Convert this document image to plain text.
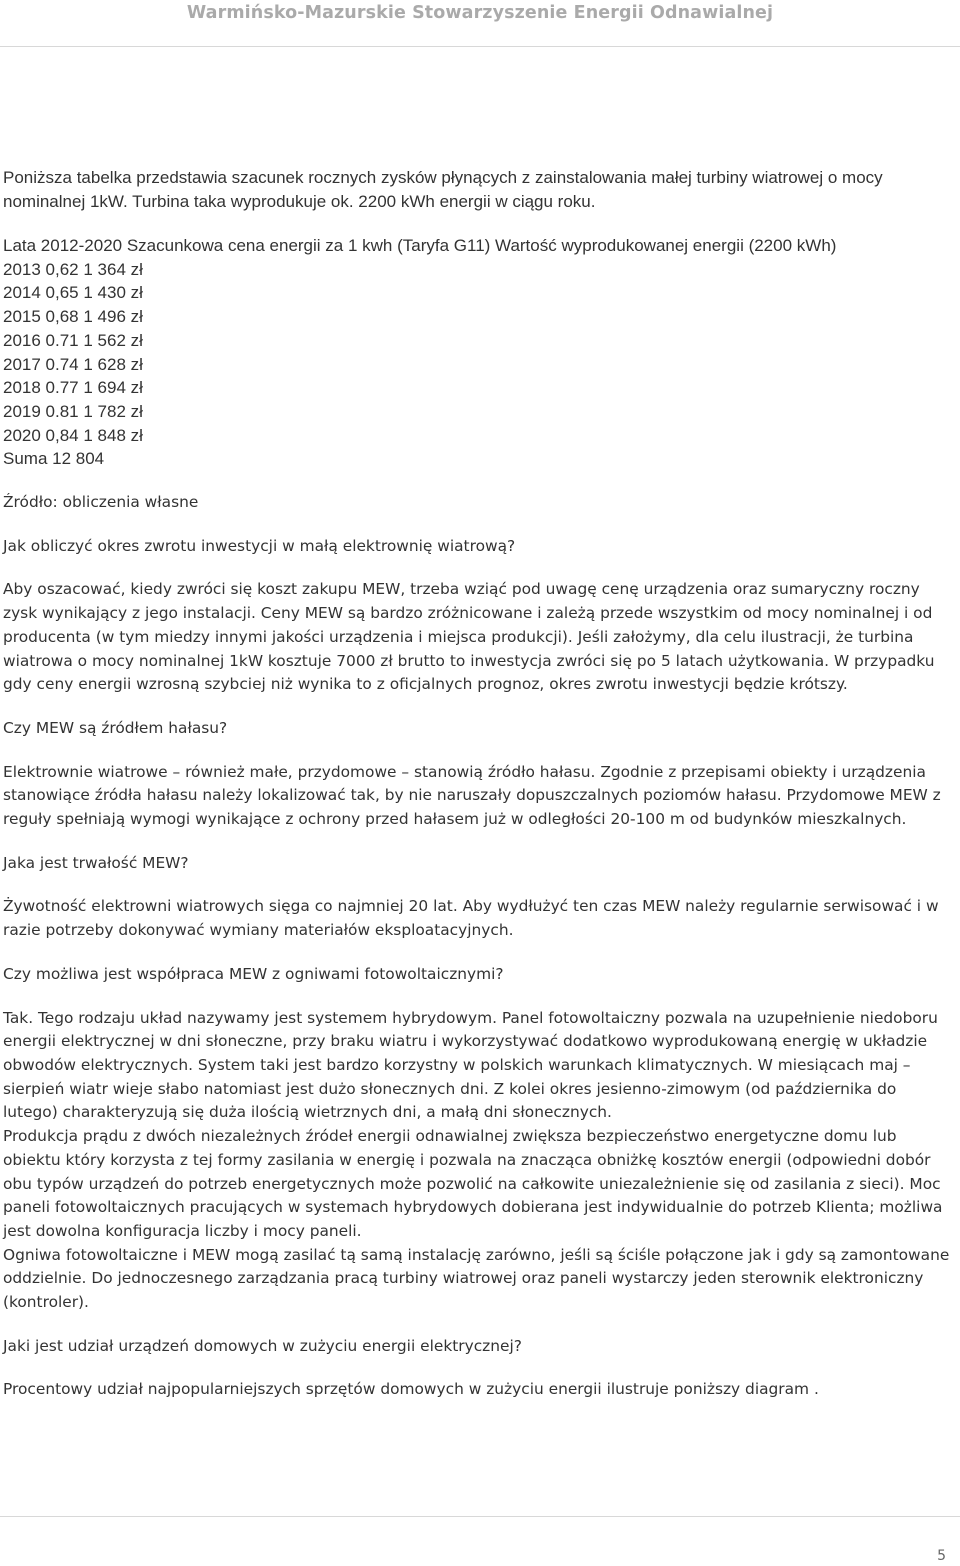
Warmińsko-Mazurskie Stowarzyszenie Energii Odnawialnej

Poniższa tabelka przedstawia szacunek rocznych zysków płynących z zainstalowania małej turbiny wiatrowej o mocy nominalnej 1kW. Turbina taka wyprodukuje ok. 2200 kWh energii w ciągu roku.

Lata 2012-2020 Szacunkowa cena energii za 1 kwh (Taryfa G11) Wartość wyprodukowanej energii (2200 kWh)
2013 0,62 1 364 zł
2014 0,65 1 430 zł
2015 0,68 1 496 zł
2016 0.71 1 562 zł
2017 0.74 1 628 zł
2018 0.77 1 694 zł
2019 0.81 1 782 zł
2020 0,84 1 848 zł
Suma 12 804

Źródło: obliczenia własne

Jak obliczyć okres zwrotu inwestycji w małą elektrownię wiatrową?

Aby oszacować, kiedy zwróci się koszt zakupu MEW, trzeba wziąć pod uwagę cenę urządzenia oraz sumaryczny roczny zysk wynikający z jego instalacji. Ceny MEW są bardzo zróżnicowane i zależą przede wszystkim od mocy nominalnej i od producenta (w tym miedzy innymi jakości urządzenia i miejsca produkcji). Jeśli założymy, dla celu ilustracji, że turbina wiatrowa o mocy nominalnej 1kW kosztuje 7000 zł brutto to inwestycja zwróci się po 5 latach użytkowania. W przypadku gdy ceny energii wzrosną szybciej niż wynika to z oficjalnych prognoz, okres zwrotu inwestycji będzie krótszy.

Czy MEW są źródłem hałasu?

Elektrownie wiatrowe – również małe, przydomowe – stanowią źródło hałasu. Zgodnie z przepisami obiekty i urządzenia stanowiące źródła hałasu należy lokalizować tak, by nie naruszały dopuszczalnych poziomów hałasu. Przydomowe MEW z reguły spełniają wymogi wynikające z ochrony przed hałasem już w odległości 20-100 m od budynków mieszkalnych.

Jaka jest trwałość MEW?

Żywotność elektrowni wiatrowych sięga co najmniej 20 lat. Aby wydłużyć ten czas MEW należy regularnie serwisować i w razie potrzeby dokonywać wymiany materiałów eksploatacyjnych.

Czy możliwa jest współpraca MEW z ogniwami fotowoltaicznymi?

Tak. Tego rodzaju układ nazywamy jest systemem hybrydowym. Panel fotowoltaiczny pozwala na uzupełnienie niedoboru energii elektrycznej w dni słoneczne, przy braku wiatru i wykorzystywać dodatkowo wyprodukowaną energię w układzie obwodów elektrycznych. System taki jest bardzo korzystny w polskich warunkach klimatycznych. W miesiącach maj – sierpień wiatr wieje słabo natomiast jest dużo słonecznych dni. Z kolei okres jesienno-zimowym (od października do lutego) charakteryzują się duża ilością wietrznych dni, a małą dni słonecznych.

Produkcja prądu z dwóch niezależnych źródeł energii odnawialnej zwiększa bezpieczeństwo energetyczne domu lub obiektu który korzysta z tej formy zasilania w energię i pozwala na znacząca obniżkę kosztów energii (odpowiedni dobór obu typów urządzeń do potrzeb energetycznych może pozwolić na całkowite uniezależnienie się od zasilania z sieci). Moc paneli fotowoltaicznych pracujących w systemach hybrydowych dobierana jest indywidualnie do potrzeb Klienta; możliwa jest dowolna konfiguracja liczby i mocy paneli.

Ogniwa fotowoltaiczne i MEW mogą zasilać tą samą instalację zarówno, jeśli są ściśle połączone jak i gdy są zamontowane oddzielnie. Do jednoczesnego zarządzania pracą turbiny wiatrowej oraz paneli wystarczy jeden sterownik elektroniczny (kontroler).

Jaki jest udział urządzeń domowych w zużyciu energii elektrycznej?

Procentowy udział najpopularniejszych sprzętów domowych w zużyciu energii ilustruje poniższy diagram .

5
